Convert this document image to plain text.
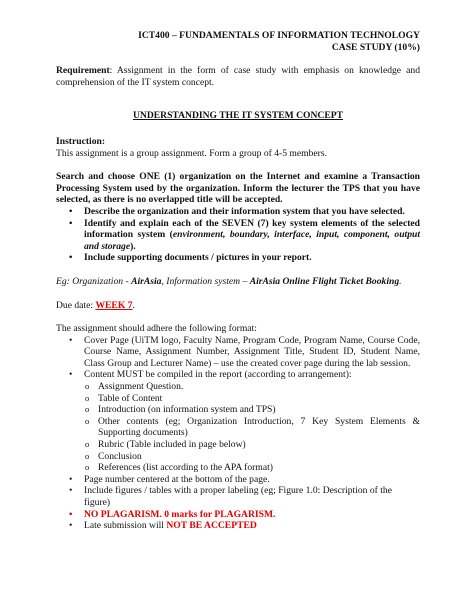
ICT400 – FUNDAMENTALS OF INFORMATION TECHNOLOGY
CASE STUDY (10%)

Requirement: Assignment in the form of case study with emphasis on knowledge and comprehension of the IT system concept.

UNDERSTANDING THE IT SYSTEM CONCEPT

Instruction:

This assignment is a group assignment. Form a group of 4-5 members.

Search and choose ONE (1) organization on the Internet and examine a Transaction Processing System used by the organization. Inform the lecturer the TPS that you have selected, as there is no overlapped title will be accepted.

• Describe the organization and their information system that you have selected.
• Identify and explain each of the SEVEN (7) key system elements of the selected information system (environment, boundary, interface, input, component, output and storage).
• Include supporting documents / pictures in your report.

Eg: Organization - AirAsia, Information system – AirAsia Online Flight Ticket Booking.

Due date: WEEK 7.

The assignment should adhere the following format:

• Cover Page (UiTM logo, Faculty Name, Program Code, Program Name, Course Code, Course Name, Assignment Number, Assignment Title, Student ID, Student Name, Class Group and Lecturer Name) – use the created cover page during the lab session.
• Content MUST be compiled in the report (according to arrangement):
o Assignment Question.
o Table of Content
o Introduction (on information system and TPS)
o Other contents (eg; Organization Introduction, 7 Key System Elements & Supporting documents)
o Rubric (Table included in page below)
o Conclusion
o References (list according to the APA format)
• Page number centered at the bottom of the page.
• Include figures / tables with a proper labeling (eg; Figure 1.0: Description of the figure)
• NO PLAGARISM. 0 marks for PLAGARISM.
• Late submission will NOT BE ACCEPTED
